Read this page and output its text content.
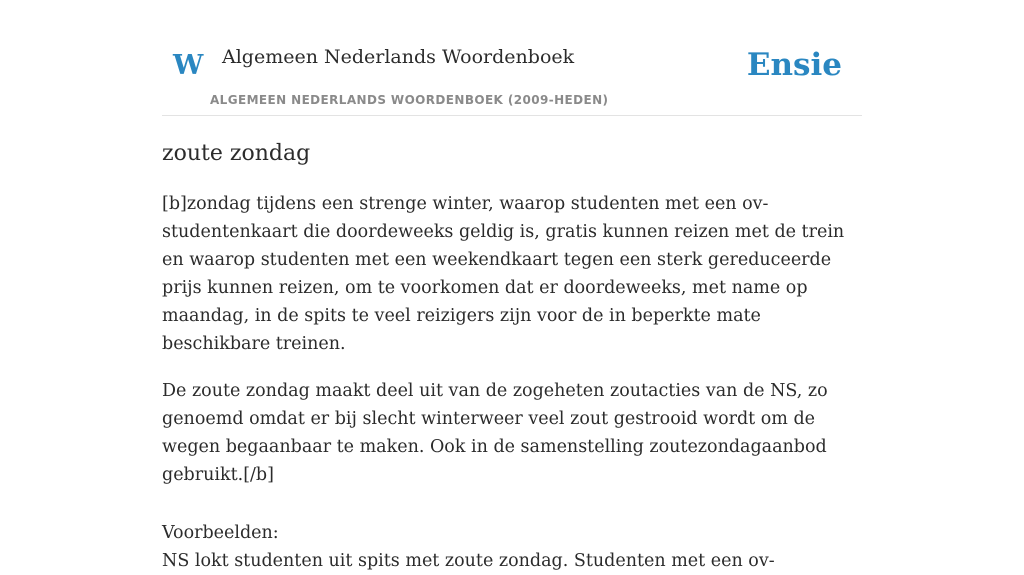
W Algemeen Nederlands Woordenboek
ALGEMEEN NEDERLANDS WOORDENBOEK (2009-HEDEN)
Ensie
zoute zondag

[b]zondag tijdens een strenge winter, waarop studenten met een ov-studentenkaart die doordeweeks geldig is, gratis kunnen reizen met de trein en waarop studenten met een weekendkaart tegen een sterk gereduceerde prijs kunnen reizen, om te voorkomen dat er doordeweeks, met name op maandag, in de spits te veel reizigers zijn voor de in beperkte mate beschikbare treinen.

De zoute zondag maakt deel uit van de zogeheten zoutacties van de NS, zo genoemd omdat er bij slecht winterweer veel zout gestrooid wordt om de wegen begaanbaar te maken. Ook in de samenstelling zoutezondagaanbod gebruikt.[/b]

Voorbeelden:

NS lokt studenten uit spits met zoute zondag. Studenten met een ov-
